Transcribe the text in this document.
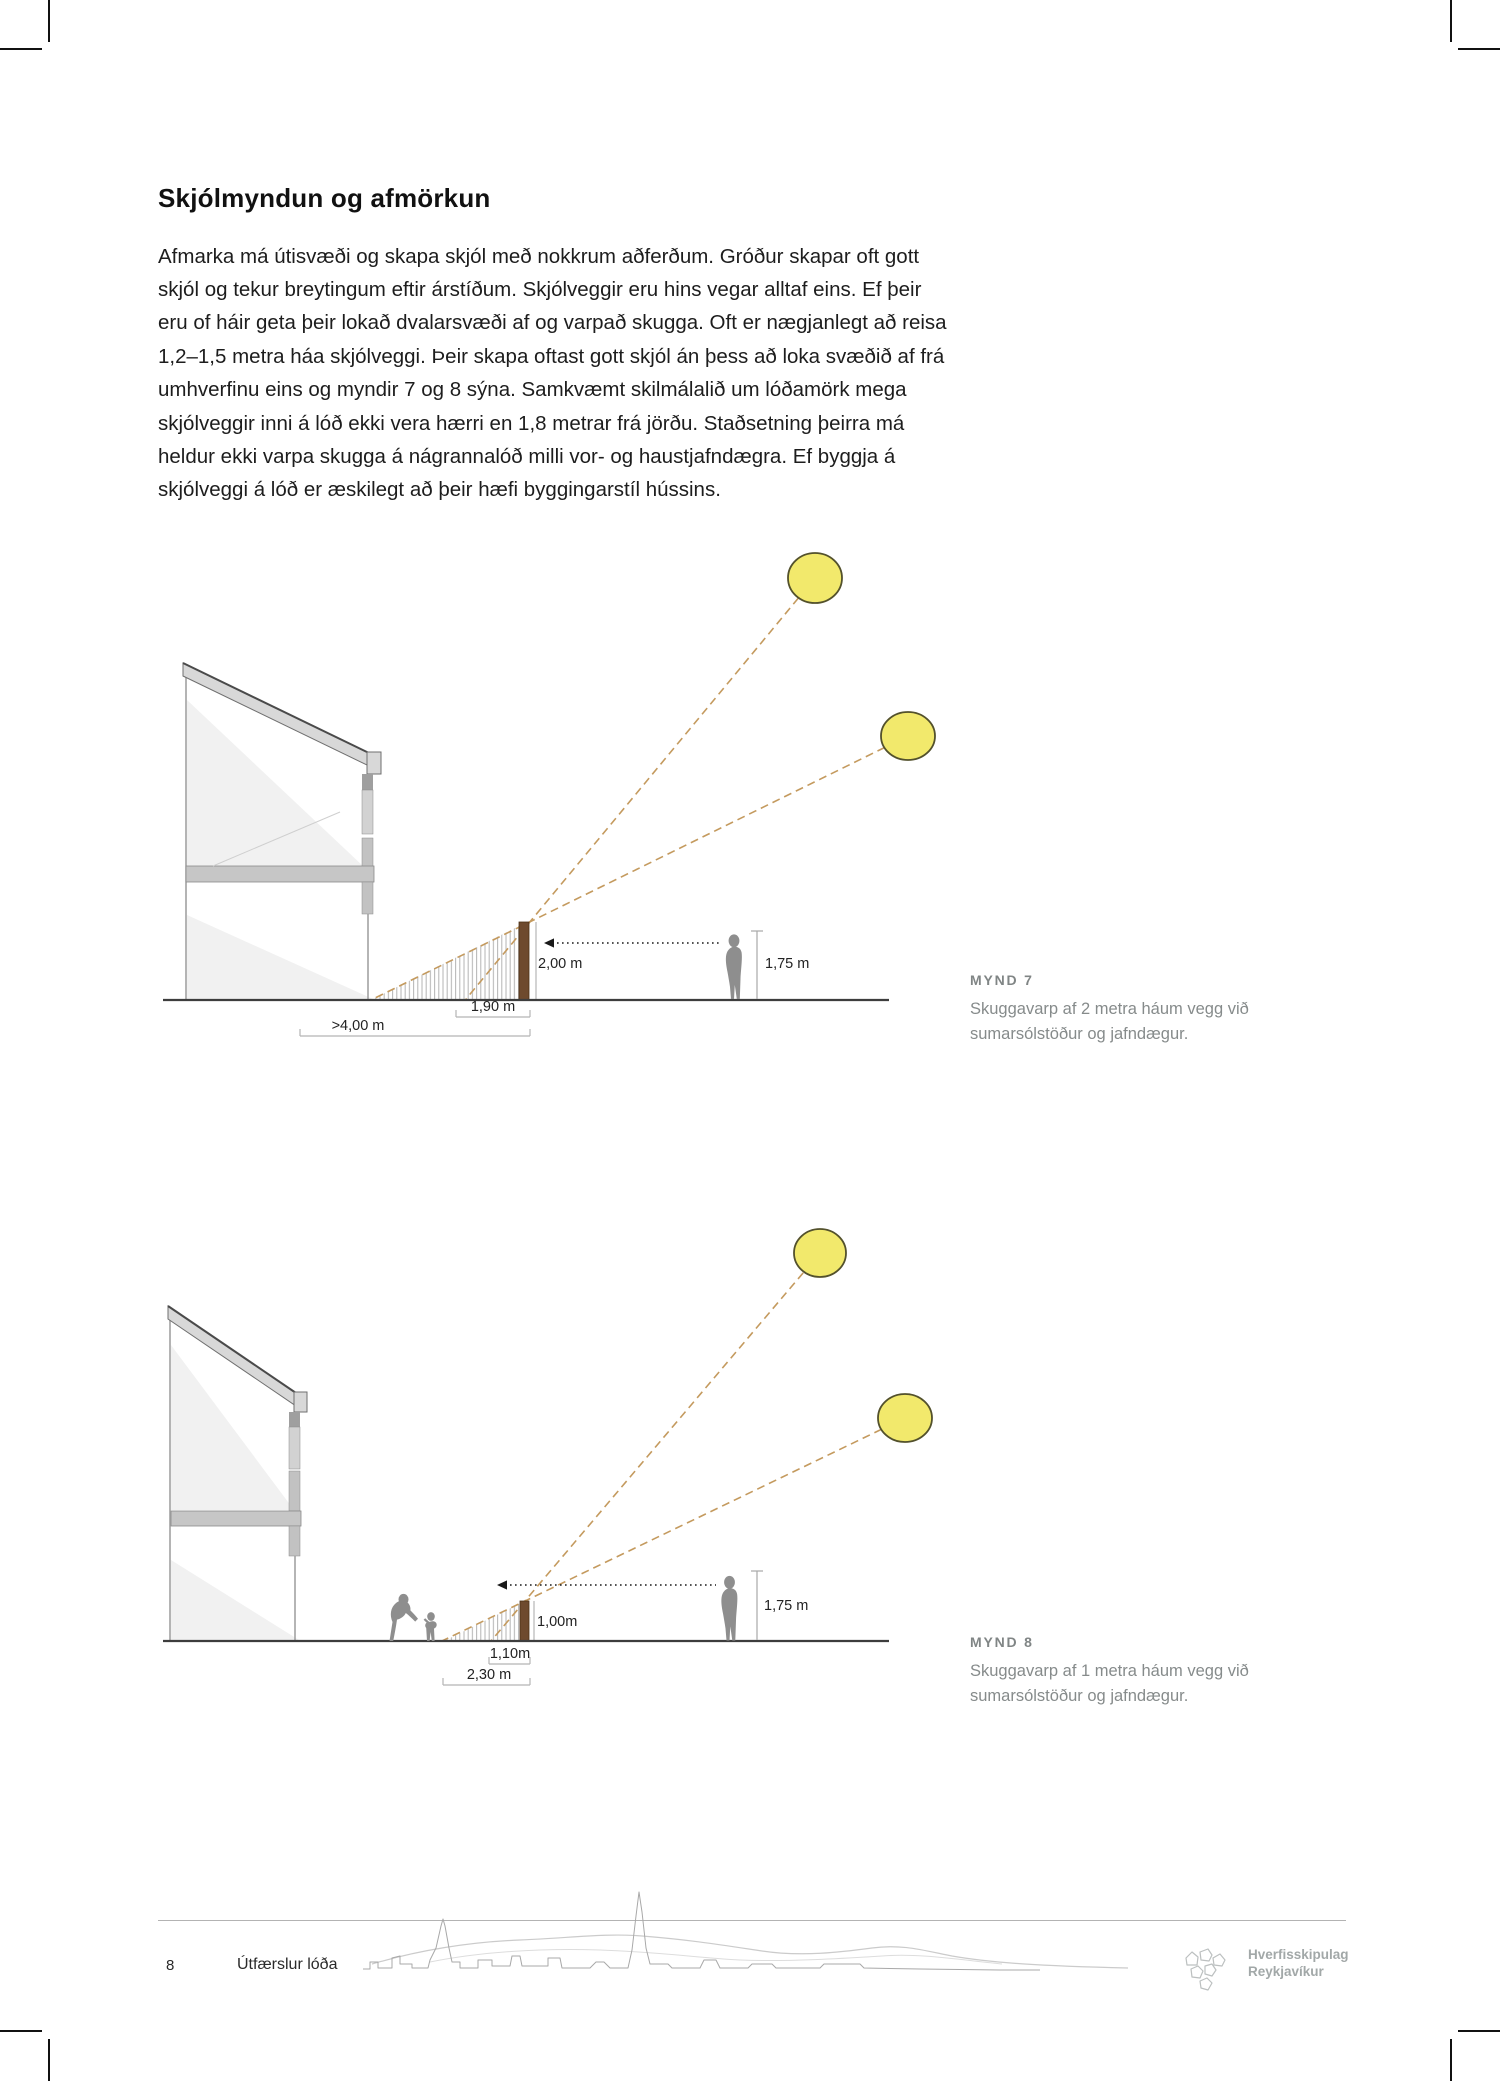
Skjólmyndun og afmörkun

Afmarka má útisvæði og skapa skjól með nokkrum aðferðum. Gróður skapar oft gott skjól og tekur breytingum eftir árstíðum. Skjólveggir eru hins vegar alltaf eins. Ef þeir eru of háir geta þeir lokað dvalarsvæði af og varpað skugga. Oft er nægjanlegt að reisa 1,2–1,5 metra háa skjólveggi. Þeir skapa oftast gott skjól án þess að loka svæðið af frá umhverfinu eins og myndir 7 og 8 sýna. Samkvæmt skilmálalið um lóðamörk mega skjólveggir inni á lóð ekki vera hærri en 1,8 metrar frá jörðu. Staðsetning þeirra má heldur ekki varpa skugga á nágrannalóð milli vor- og haustjafndægra. Ef byggja á skjólveggi á lóð er æskilegt að þeir hæfi byggingarstíl hússins.

2,00 m	1,75 m
1,90 m
>4,00 m
MYND 7
Skuggavarp af 2 metra háum vegg við sumarsólstöður og jafndægur.
1,00m
1,75 m
1,10m
2,30 m
MYND 8
Skuggavarp af 1 metra háum vegg við sumarsólstöður og jafndægur.
8	Útfærslur lóða
Hverfisskipulag
Reykjavíkur
